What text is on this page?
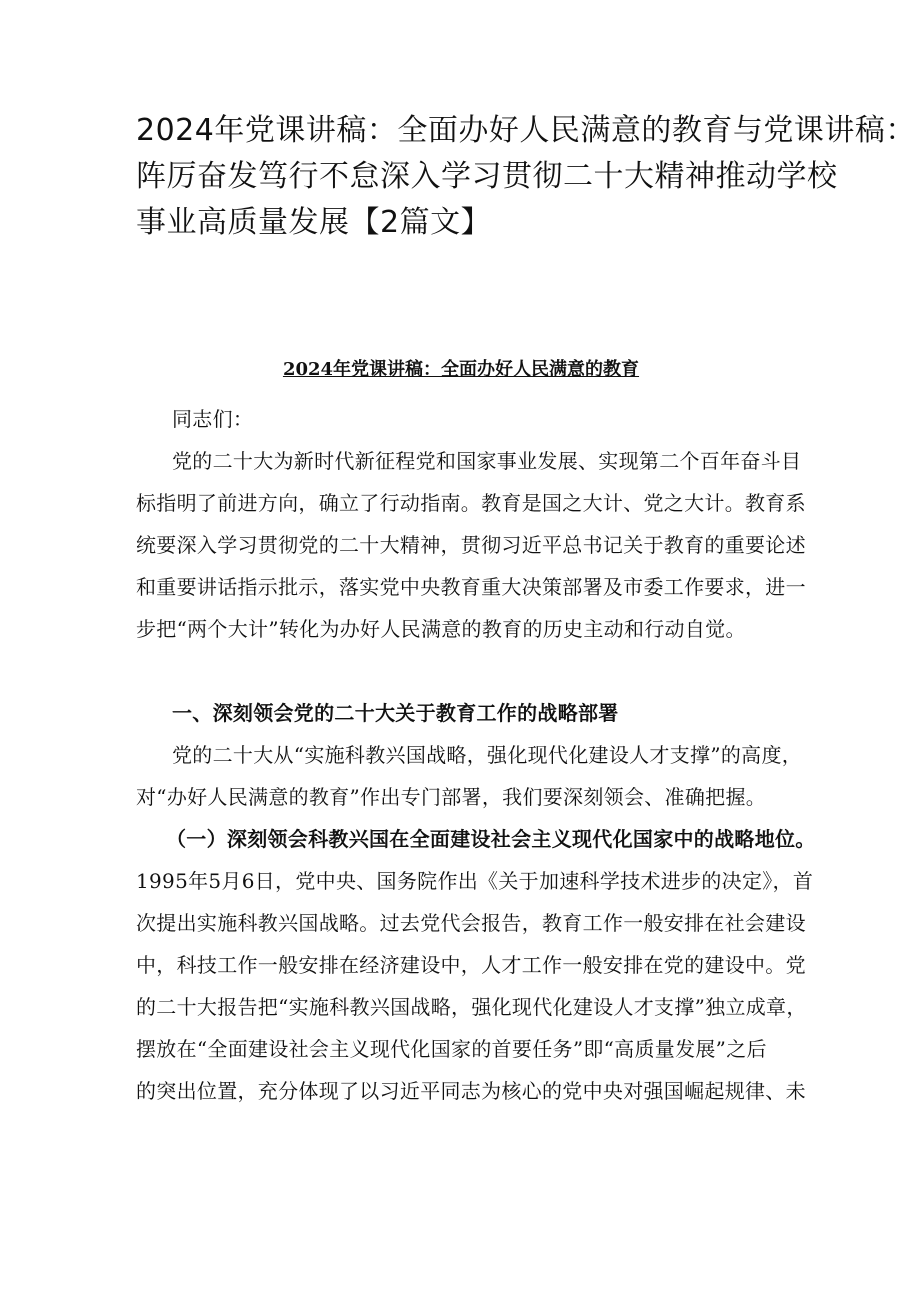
2024年党课讲稿：全面办好人民满意的教育与党课讲稿：
阵厉奋发笃行不怠深入学习贯彻二十大精神推动学校
事业高质量发展【2篇文】
2024年党课讲稿：全面办好人民满意的教育

同志们：

党的二十大为新时代新征程党和国家事业发展、实现第二个百年奋斗目
标指明了前进方向，确立了行动指南。教育是国之大计、党之大计。教育系
统要深入学习贯彻党的二十大精神，贯彻习近平总书记关于教育的重要论述
和重要讲话指示批示，落实党中央教育重大决策部署及市委工作要求，进一
步把“两个大计”转化为办好人民满意的教育的历史主动和行动自觉。

一、深刻领会党的二十大关于教育工作的战略部署

党的二十大从“实施科教兴国战略，强化现代化建设人才支撑”的高度，
对“办好人民满意的教育”作出专门部署，我们要深刻领会、准确把握。

（一）深刻领会科教兴国在全面建设社会主义现代化国家中的战略地位。

1995年5月6日，党中央、国务院作出《关于加速科学技术进步的决定》，首
次提出实施科教兴国战略。过去党代会报告，教育工作一般安排在社会建设
中，科技工作一般安排在经济建设中，人才工作一般安排在党的建设中。党
的二十大报告把“实施科教兴国战略，强化现代化建设人才支撑”独立成章，
摆放在“全面建设社会主义现代化国家的首要任务”即“高质量发展”之后
的突出位置，充分体现了以习近平同志为核心的党中央对强国崛起规律、未
